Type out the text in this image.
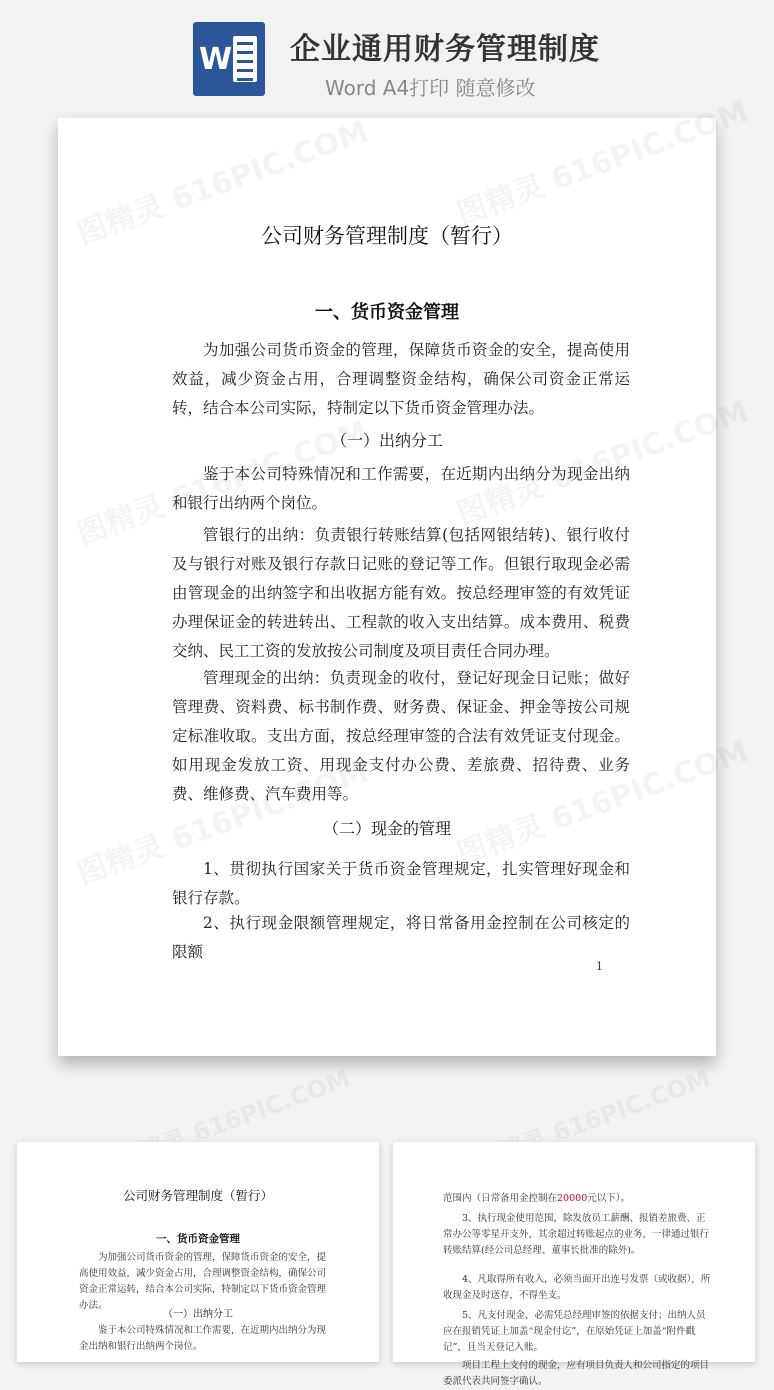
W 企业通用财务管理制度
Word A4打印 随意修改
公司财务管理制度（暂行）
一、货币资金管理
为加强公司货币资金的管理，保障货币资金的安全，提高使用效益，减少资金占用，合理调整资金结构，确保公司资金正常运转，结合本公司实际，特制定以下货币资金管理办法。
（一）出纳分工
鉴于本公司特殊情况和工作需要，在近期内出纳分为现金出纳和银行出纳两个岗位。
管银行的出纳：负责银行转账结算(包括网银结转)、银行收付及与银行对账及银行存款日记账的登记等工作。但银行取现金必需由管现金的出纳签字和出收据方能有效。按总经理审签的有效凭证办理保证金的转进转出、工程款的收入支出结算。成本费用、税费交纳、民工工资的发放按公司制度及项目责任合同办理。
管理现金的出纳：负责现金的收付，登记好现金日记账；做好管理费、资料费、标书制作费、财务费、保证金、押金等按公司规定标准收取。支出方面，按总经理审签的合法有效凭证支付现金。如用现金发放工资、用现金支付办公费、差旅费、招待费、业务费、维修费、汽车费用等。
（二）现金的管理
1、贯彻执行国家关于货币资金管理规定，扎实管理好现金和银行存款。
2、执行现金限额管理规定，将日常备用金控制在公司核定的限额
1
公司财务管理制度（暂行）
一、货币资金管理
为加强公司货币资金的管理，保障货币资金的安全，提高使用效益，减少资金占用，合理调整资金结构，确保公司资金正常运转，结合本公司实际，特制定以下货币资金管理办法。
（一）出纳分工
鉴于本公司特殊情况和工作需要，在近期内出纳分为现金出纳和银行出纳两个岗位。
范围内（日常备用金控制在20000元以下）。
3、执行现金使用范围，除发放员工薪酬、报销差旅费、正常办公等零星开支外，其余超过转账起点的业务，一律通过银行转账结算(经公司总经理、董事长批准的除外)。
4、凡取得所有收入，必须当面开出连号发票（或收据），所收现金及时送存，不得坐支。
5、凡支付现金，必需凭总经理审签的依据支付；出纳人员应在报销凭证上加盖“现金付讫”，在原始凭证上加盖“附件戳记”，且当天登记入账。
项目工程上支付的现金，应有项目负责人和公司指定的项目委派代表共同签字确认。
